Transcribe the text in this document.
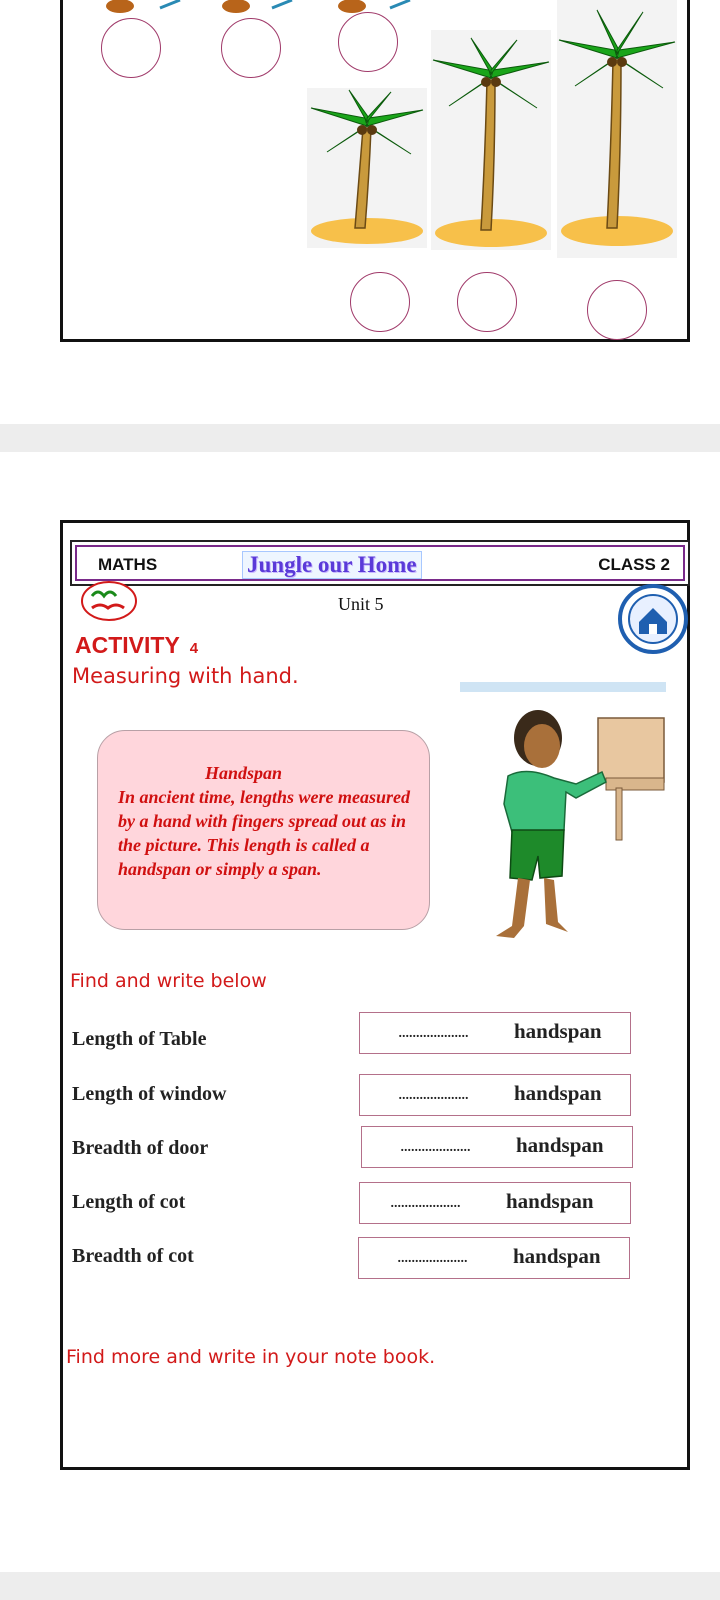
MATHS	Jungle our Home	CLASS 2
Unit 5
ACTIVITY 4
Measuring with hand.
Handspan
In ancient time, lengths were measured by a hand with fingers spread out as in the picture. This length is called a handspan or simply a span.
Find and write below
Length of Table	.................... handspan
Length of window	.................... handspan
Breadth of door	.................... handspan
Length of cot	.................... handspan
Breadth of cot	.................... handspan
Find more and write in your note book.
